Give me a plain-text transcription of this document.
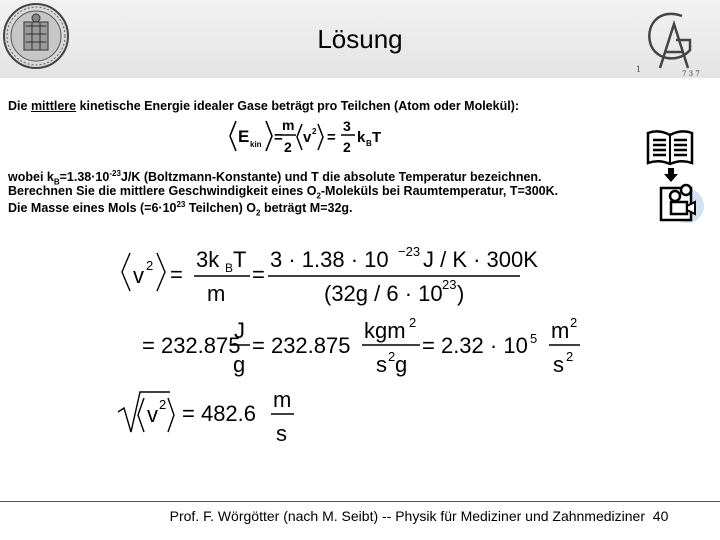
Lösung
1	7 3 7
Die mittlere kinetische Energie idealer Gase beträgt pro Teilchen (Atom oder Molekül):
E kin =
m
2
v 2 =
3
2
k B T
v 2 =
3k B T
m
=
3 · 1.38 · 10 −23 J / K · 300K
(32g / 6 · 10 23 )
= 232.875
J
g
= 232.875
kgm 2
s 2 g
= 2.32 · 10 5 m 2
s 2
v 2 = 482.6
m
s
wobei $k_B=1.38\cdot 10^{-23}J/K$ (Boltzmann-Konstante) und T die absolute Temperatur bezeichnen.
Berechnen Sie die mittlere Geschwindigkeit eines $O_2$-Moleküls bei Raumtemperatur, T=300K.
Die Masse eines Mols ($=6\cdot 10^{23}$ Teilchen) $O_2$ beträgt M=32g.
Prof. F. Wörgötter (nach M. Seibt) -- Physik für Mediziner und Zahnmediziner 40
